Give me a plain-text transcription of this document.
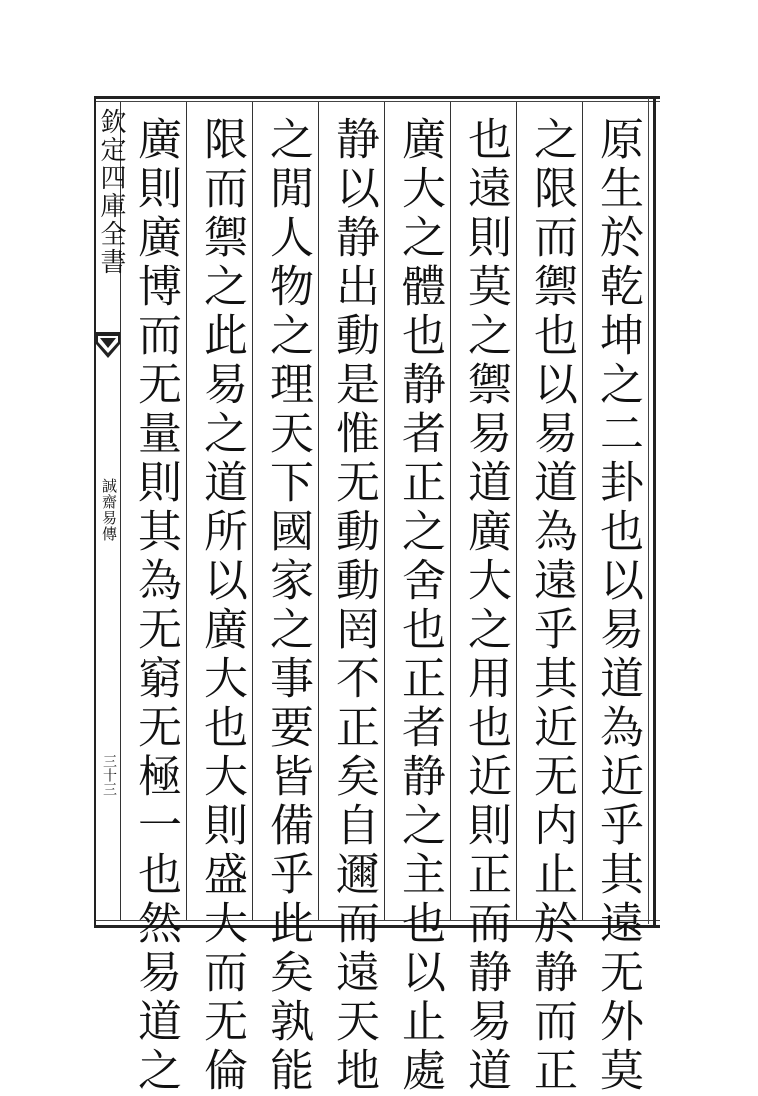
欽定四庫全書
誠齋易傳
三十三	原生於乾坤之二卦也以易道為近乎其遠无外莫
之限而禦也以易道為遠乎其近无内止於静而正
也遠則莫之禦易道廣大之用也近則正而静易道
廣大之體也静者正之舍也正者静之主也以止處
静以静出動是惟无動動罔不正矣自邇而遠天地
之閒人物之理天下國家之事要皆備乎此矣孰能
限而禦之此易之道所以廣大也大則盛大而无倫
廣則廣博而无量則其為无窮无極一也然易道之
